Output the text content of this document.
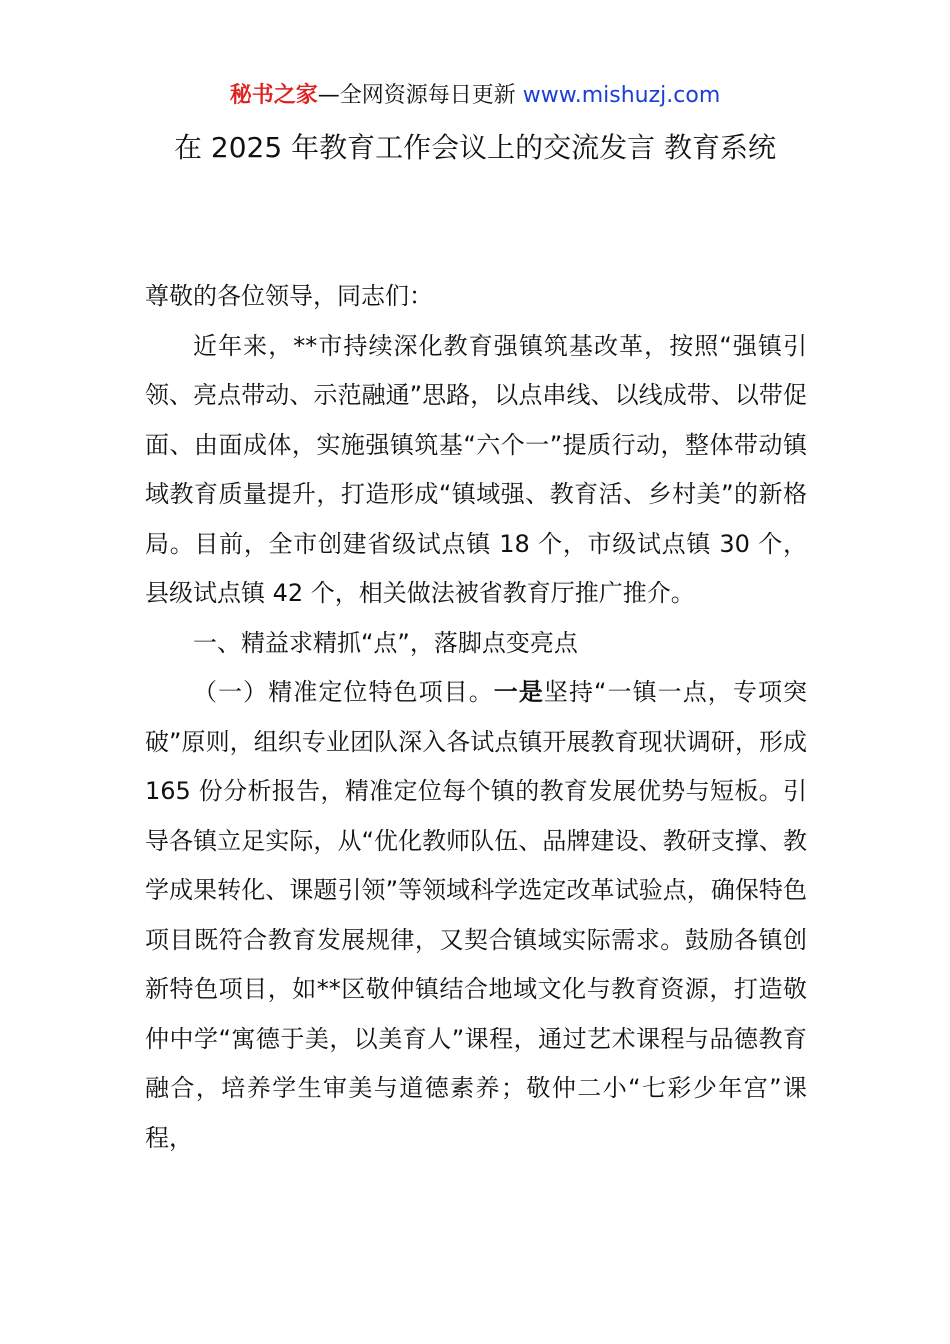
秘书之家—全网资源每日更新 www.mishuzj.com
在 2025 年教育工作会议上的交流发言 教育系统

尊敬的各位领导，同志们：

近年来，**市持续深化教育强镇筑基改革，按照“强镇引领、亮点带动、示范融通”思路，以点串线、以线成带、以带促面、由面成体，实施强镇筑基“六个一”提质行动，整体带动镇域教育质量提升，打造形成“镇域强、教育活、乡村美”的新格局。目前，全市创建省级试点镇 18 个，市级试点镇 30 个，县级试点镇 42 个，相关做法被省教育厅推广推介。

一、精益求精抓“点”，落脚点变亮点

（一）精准定位特色项目。一是坚持“一镇一点，专项突破”原则，组织专业团队深入各试点镇开展教育现状调研，形成 165 份分析报告，精准定位每个镇的教育发展优势与短板。引导各镇立足实际，从“优化教师队伍、品牌建设、教研支撑、教学成果转化、课题引领”等领域科学选定改革试验点，确保特色项目既符合教育发展规律，又契合镇域实际需求。鼓励各镇创新特色项目，如**区敬仲镇结合地域文化与教育资源，打造敬仲中学“寓德于美，以美育人”课程，通过艺术课程与品德教育融合，培养学生审美与道德素养；敬仲二小“七彩少年宫”课程，
